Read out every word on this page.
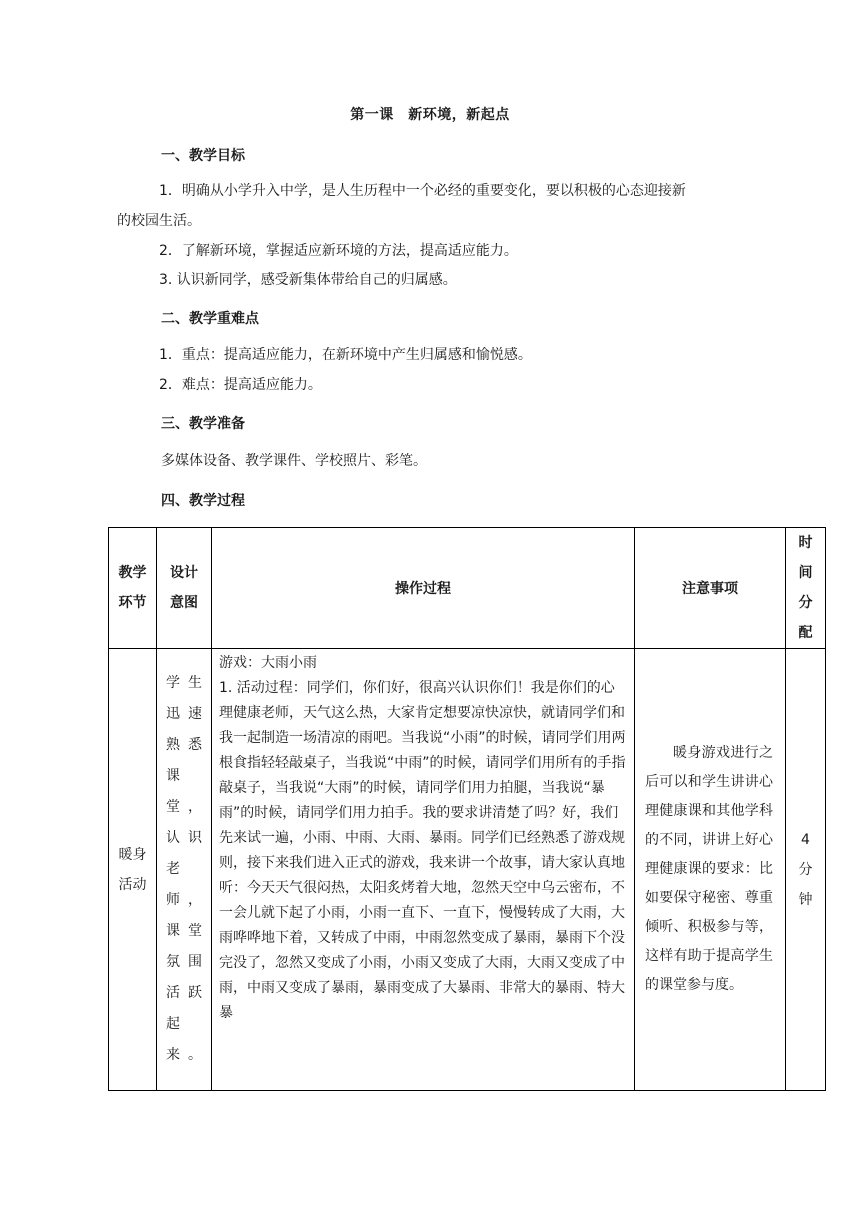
第一课　新环境，新起点
一、教学目标
1．明确从小学升入中学，是人生历程中一个必经的重要变化，要以积极的心态迎接新
的校园生活。
2．了解新环境，掌握适应新环境的方法，提高适应能力。
3. 认识新同学，感受新集体带给自己的归属感。
二、教学重难点
1．重点：提高适应能力，在新环境中产生归属感和愉悦感。
2．难点：提高适应能力。
三、教学准备
多媒体设备、教学课件、学校照片、彩笔。
四、教学过程
教学环节	设计意图	操作过程	注意事项	时间分配

暖身活动	学生迅速熟悉课堂，认识老师，课堂氛围活跃起来。	游戏：大雨小雨
1. 活动过程：同学们，你们好，很高兴认识你们！我是你们的心理健康老师，天气这么热，大家肯定想要凉快凉快，就请同学们和我一起制造一场清凉的雨吧。当我说“小雨”的时候，请同学们用两根食指轻轻敲桌子，当我说“中雨”的时候，请同学们用所有的手指敲桌子，当我说“大雨”的时候，请同学们用力拍腿，当我说“暴雨”的时候，请同学们用力拍手。我的要求讲清楚了吗？好，我们先来试一遍，小雨、中雨、大雨、暴雨。同学们已经熟悉了游戏规则，接下来我们进入正式的游戏，我来讲一个故事，请大家认真地听：今天天气很闷热，太阳炙烤着大地，忽然天空中乌云密布，不一会儿就下起了小雨，小雨一直下、一直下，慢慢转成了大雨，大雨哗哗地下着，又转成了中雨，中雨忽然变成了暴雨，暴雨下个没完没了，忽然又变成了小雨，小雨又变成了大雨，大雨又变成了中雨，中雨又变成了暴雨，暴雨变成了大暴雨、非常大的暴雨、特大暴	暖身游戏进行之后可以和学生讲讲心理健康课和其他学科的不同，讲讲上好心理健康课的要求：比如要保守秘密、尊重倾听、积极参与等，这样有助于提高学生的课堂参与度。	4分钟
